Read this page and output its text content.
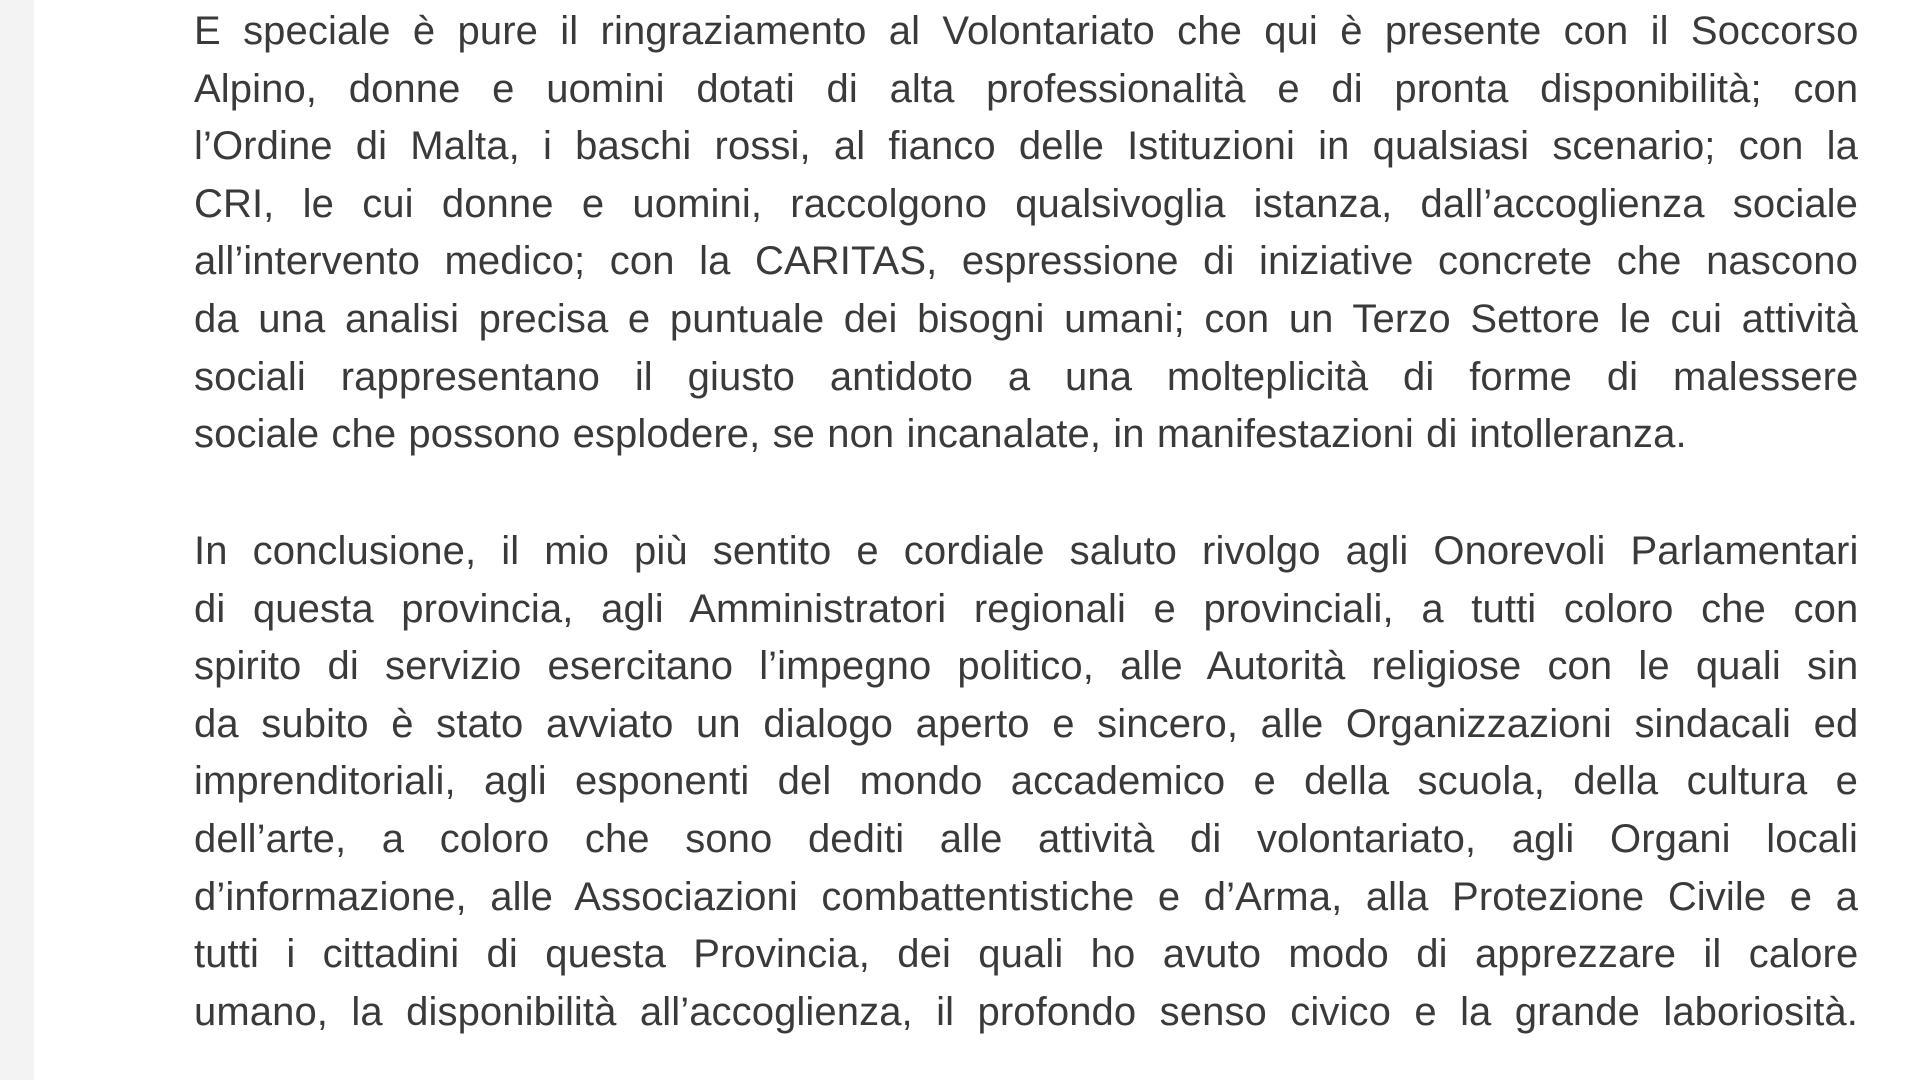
E speciale è pure il ringraziamento al Volontariato che qui è presente con il Soccorso
Alpino, donne e uomini dotati di alta professionalità e di pronta disponibilità; con
l’Ordine di Malta, i baschi rossi, al fianco delle Istituzioni in qualsiasi scenario; con la
CRI, le cui donne e uomini, raccolgono qualsivoglia istanza, dall’accoglienza sociale
all’intervento medico; con la CARITAS, espressione di iniziative concrete che nascono
da una analisi precisa e puntuale dei bisogni umani; con un Terzo Settore le cui attività
sociali rappresentano il giusto antidoto a una molteplicità di forme di malessere
sociale che possono esplodere, se non incanalate, in manifestazioni di intolleranza.
In conclusione, il mio più sentito e cordiale saluto rivolgo agli Onorevoli Parlamentari
di questa provincia, agli Amministratori regionali e provinciali, a tutti coloro che con
spirito di servizio esercitano l’impegno politico, alle Autorità religiose con le quali sin
da subito è stato avviato un dialogo aperto e sincero, alle Organizzazioni sindacali ed
imprenditoriali, agli esponenti del mondo accademico e della scuola, della cultura e
dell’arte, a coloro che sono dediti alle attività di volontariato, agli Organi locali
d’informazione, alle Associazioni combattentistiche e d’Arma, alla Protezione Civile e a
tutti i cittadini di questa Provincia, dei quali ho avuto modo di apprezzare il calore
umano, la disponibilità all’accoglienza, il profondo senso civico e la grande laboriosità.
